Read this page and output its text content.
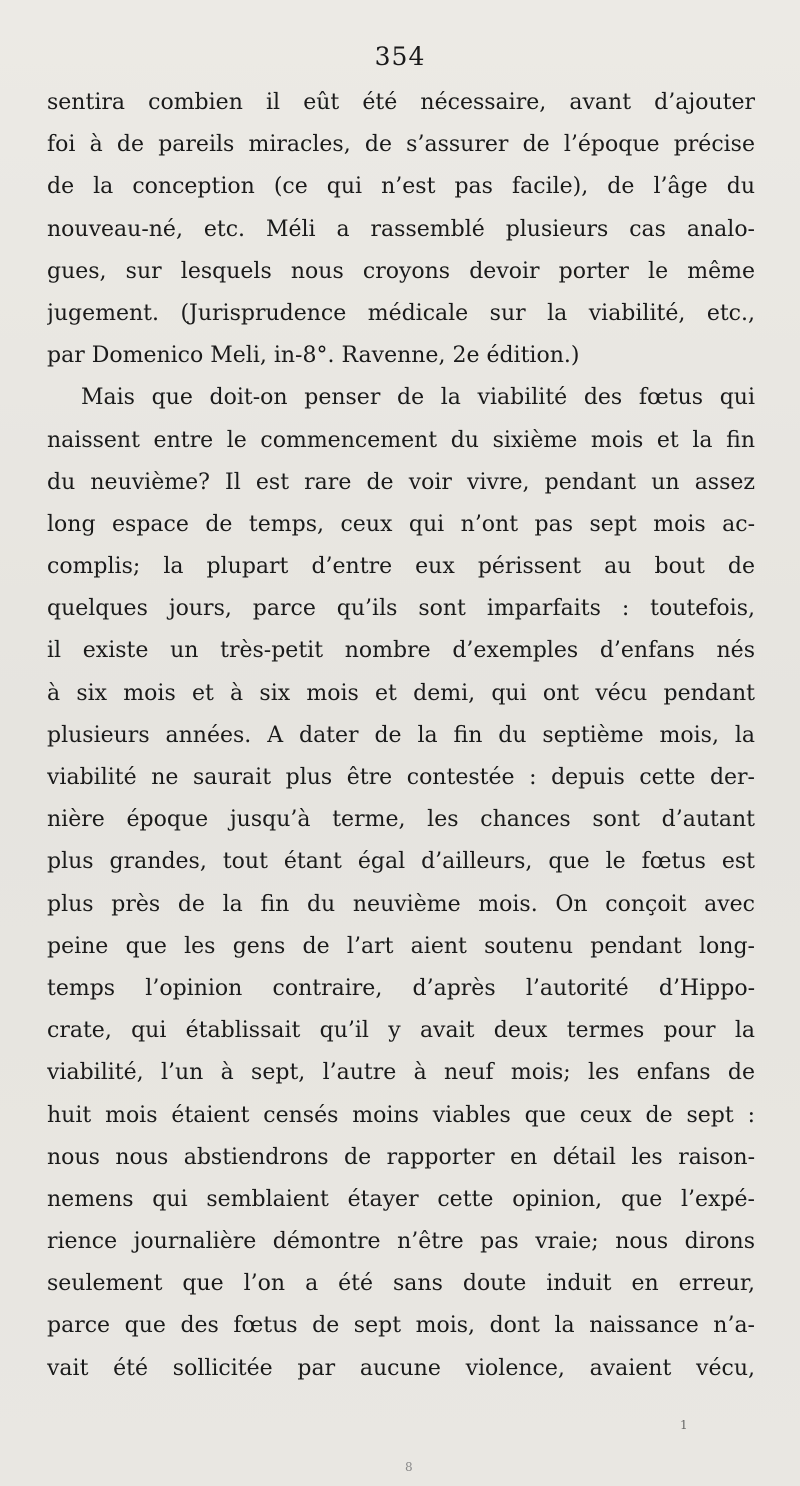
354
sentira combien il eût été nécessaire, avant d’ajouter
foi à de pareils miracles, de s’assurer de l’époque précise
de la conception (ce qui n’est pas facile), de l’âge du
nouveau-né, etc. Méli a rassemblé plusieurs cas analo-
gues, sur lesquels nous croyons devoir porter le même
jugement. (Jurisprudence médicale sur la viabilité, etc.,
par Domenico Meli, in-8°. Ravenne, 2e édition.)
Mais que doit-on penser de la viabilité des fœtus qui
naissent entre le commencement du sixième mois et la fin
du neuvième? Il est rare de voir vivre, pendant un assez
long espace de temps, ceux qui n’ont pas sept mois ac-
complis; la plupart d’entre eux périssent au bout de
quelques jours, parce qu’ils sont imparfaits : toutefois,
il existe un très-petit nombre d’exemples d’enfans nés
à six mois et à six mois et demi, qui ont vécu pendant
plusieurs années. A dater de la fin du septième mois, la
viabilité ne saurait plus être contestée : depuis cette der-
nière époque jusqu’à terme, les chances sont d’autant
plus grandes, tout étant égal d’ailleurs, que le fœtus est
plus près de la fin du neuvième mois. On conçoit avec
peine que les gens de l’art aient soutenu pendant long-
temps l’opinion contraire, d’après l’autorité d’Hippo-
crate, qui établissait qu’il y avait deux termes pour la
viabilité, l’un à sept, l’autre à neuf mois; les enfans de
huit mois étaient censés moins viables que ceux de sept :
nous nous abstiendrons de rapporter en détail les raison-
nemens qui semblaient étayer cette opinion, que l’expé-
rience journalière démontre n’être pas vraie; nous dirons
seulement que l’on a été sans doute induit en erreur,
parce que des fœtus de sept mois, dont la naissance n’a-
vait été sollicitée par aucune violence, avaient vécu,
1
8
